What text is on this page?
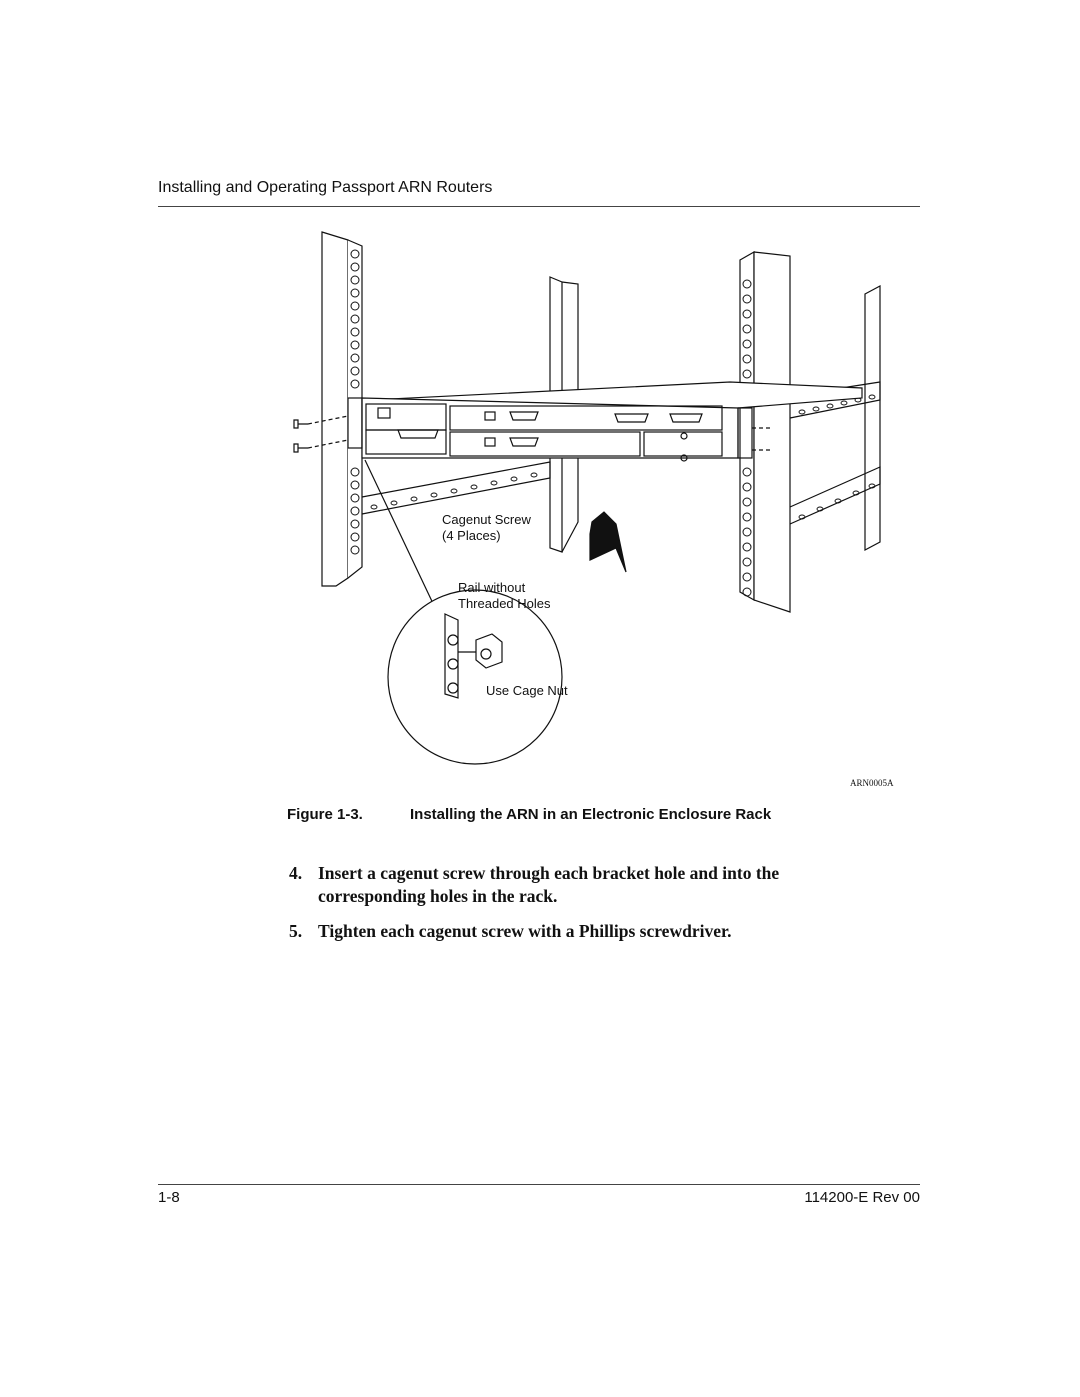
Installing and Operating Passport ARN Routers
Cagenut Screw
(4 Places)
Rail without
Threaded Holes
Use Cage Nut
ARN0005A
Figure 1-3.	Installing the ARN in an Electronic Enclosure Rack
4. Insert a cagenut screw through each bracket hole and into the corresponding holes in the rack.
5. Tighten each cagenut screw with a Phillips screwdriver.
1-8	114200-E Rev 00
